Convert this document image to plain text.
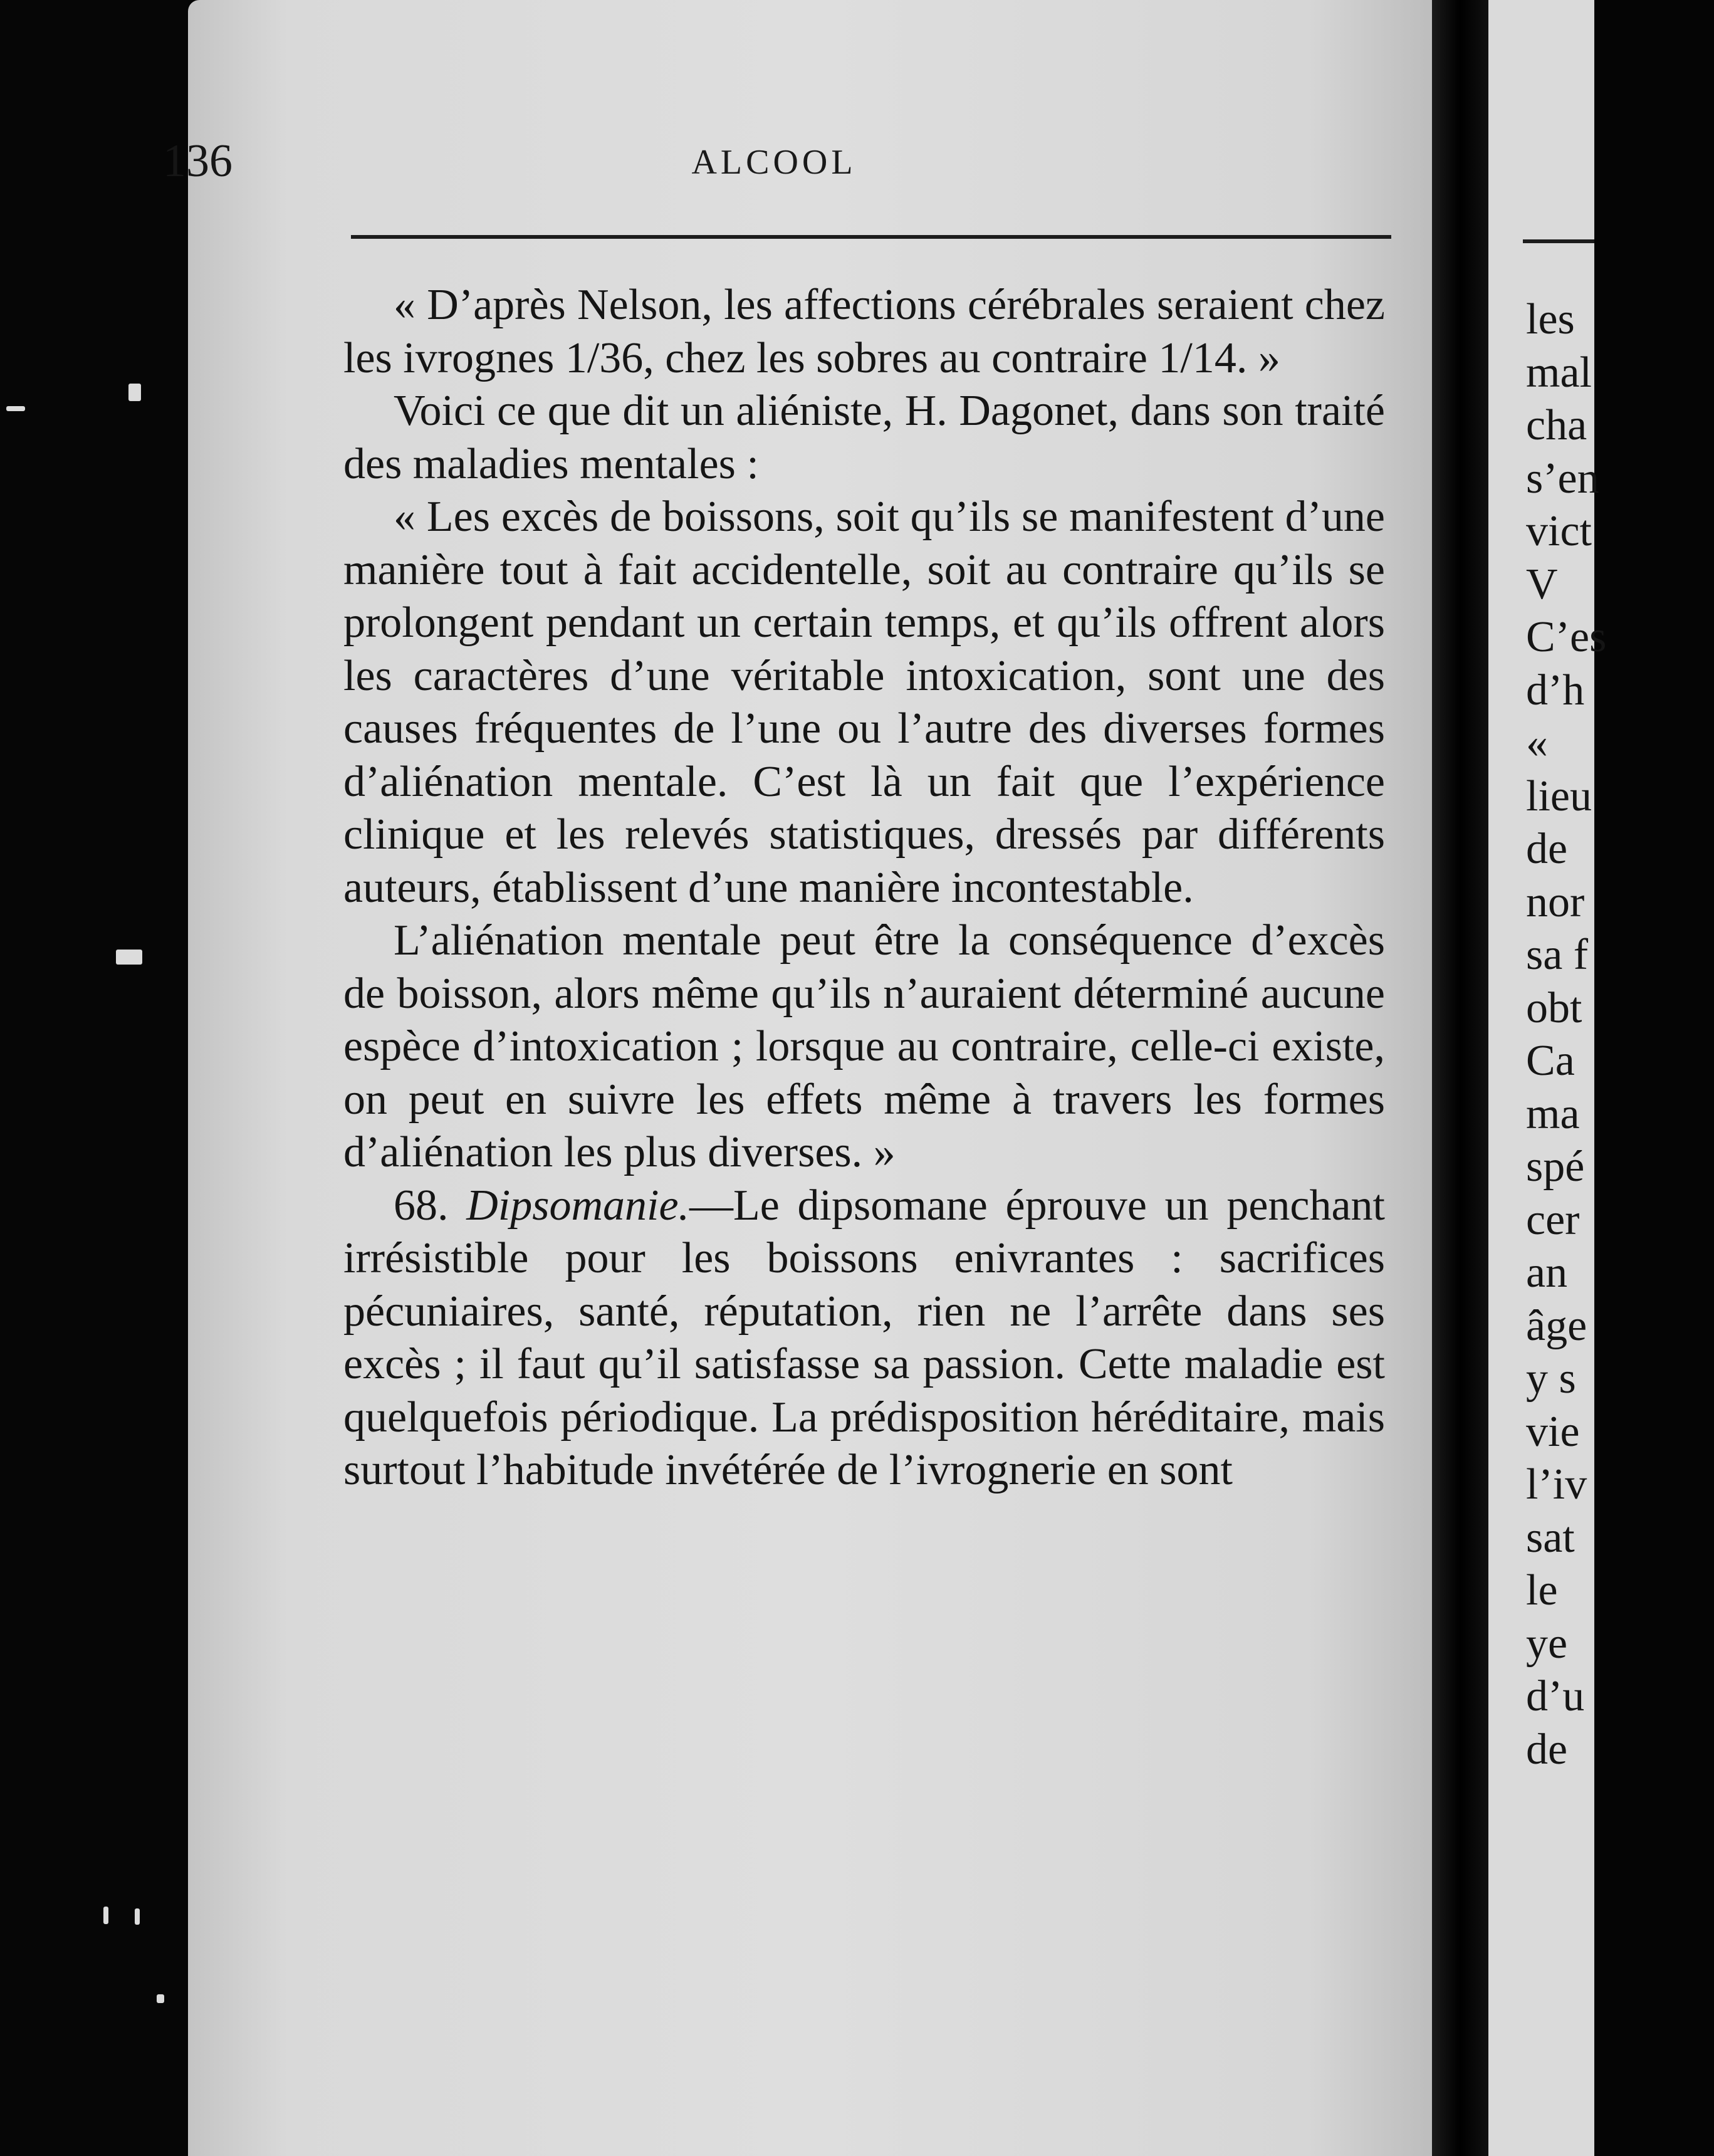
136	ALCOOL

« D’après Nelson, les affections cérébrales seraient chez les ivrognes 1/36, chez les sobres au contraire 1/14. »

Voici ce que dit un aliéniste, H. Dagonet, dans son traité des maladies mentales :

« Les excès de boissons, soit qu’ils se manifestent d’une manière tout à fait accidentelle, soit au contraire qu’ils se prolongent pendant un certain temps, et qu’ils offrent alors les caractères d’une véritable intoxication, sont une des causes fréquentes de l’une ou l’autre des diverses formes d’aliénation mentale. C’est là un fait que l’expérience clinique et les relevés statistiques, dressés par différents auteurs, établissent d’une manière incontestable.

L’aliénation mentale peut être la conséquence d’excès de boisson, alors même qu’ils n’auraient déterminé aucune espèce d’intoxication ; lorsque au contraire, celle-ci existe, on peut en suivre les effets même à travers les formes d’aliénation les plus diverses. »

68. Dipsomanie.—Le dipsomane éprouve un penchant irrésistible pour les boissons enivrantes : sacrifices pécuniaires, santé, réputation, rien ne l’arrête dans ses excès ; il faut qu’il satisfasse sa passion. Cette maladie est quelquefois périodique. La prédisposition héréditaire, mais surtout l’habitude invétérée de l’ivrognerie en sont

les
mal
cha
s’en
vict
V
C’es
d’h
«
lieu
de
nor
sa f
obt
Ca
ma
spé
cer
an
âge
y s
vie
l’iv
sat
le
ye
d’u
de
